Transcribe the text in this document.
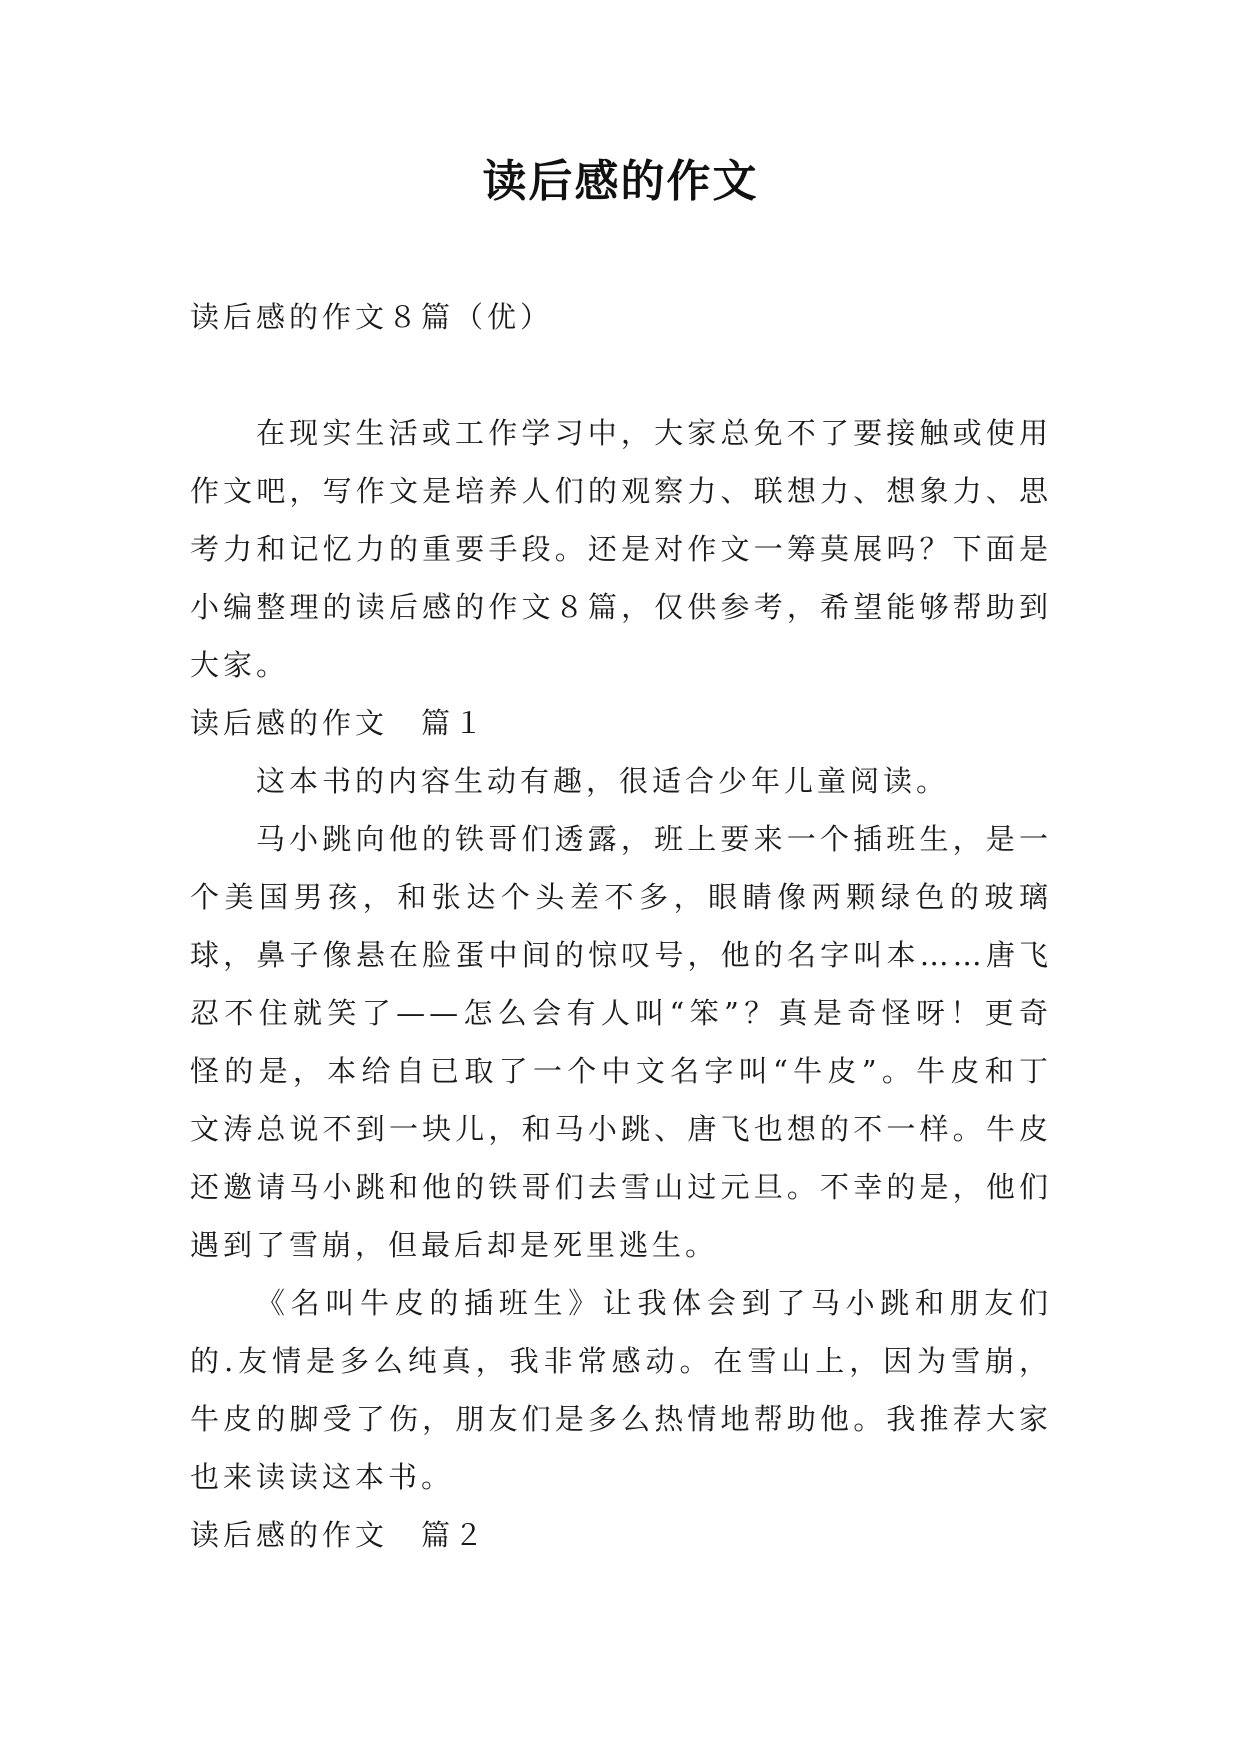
读后感的作文

读后感的作文８篇（优）

在现实生活或工作学习中，大家总免不了要接触或使用作文吧，写作文是培养人们的观察力、联想力、想象力、思考力和记忆力的重要手段。还是对作文一筹莫展吗？下面是小编整理的读后感的作文８篇，仅供参考，希望能够帮助到大家。

读后感的作文　篇１

这本书的内容生动有趣，很适合少年儿童阅读。

马小跳向他的铁哥们透露，班上要来一个插班生，是一个美国男孩，和张达个头差不多，眼睛像两颗绿色的玻璃球，鼻子像悬在脸蛋中间的惊叹号，他的名字叫本……唐飞忍不住就笑了——怎么会有人叫“笨”？真是奇怪呀！更奇怪的是，本给自已取了一个中文名字叫“牛皮”。牛皮和丁文涛总说不到一块儿，和马小跳、唐飞也想的不一样。牛皮还邀请马小跳和他的铁哥们去雪山过元旦。不幸的是，他们遇到了雪崩，但最后却是死里逃生。

《名叫牛皮的插班生》让我体会到了马小跳和朋友们的.友情是多么纯真，我非常感动。在雪山上，因为雪崩，牛皮的脚受了伤，朋友们是多么热情地帮助他。我推荐大家也来读读这本书。

读后感的作文　篇２
